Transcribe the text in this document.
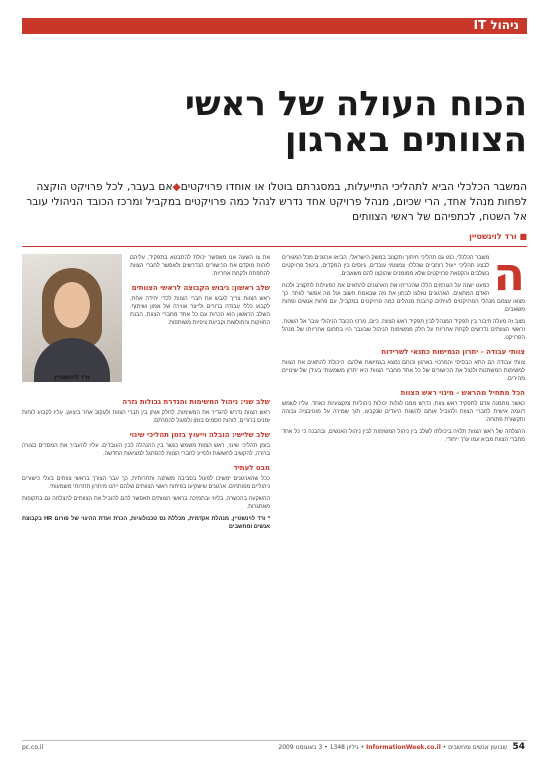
ניהול IT
הכוח העולה של ראשי
הצוותים בארגון

המשבר הכלכלי הביא לתהליכי התייעלות, במסגרתם בוטלו או אוחדו פרויקטים◆אם בעבר, לכל פרויקט הוקצה לפחות מנהל אחד, הרי שכיום, מנהל פרויקט אחד נדרש לנהל כמה פרויקטים במקביל ומרכז הכובד הניהולי עובר אל השטח, לכתפיהם של ראשי הצוותים

■ ורד לוינשטיין
ה

משבר הכלכלי, כמו גם תהליכי חיתוך ותקצוב במשק הישראלי, הביאו ארגונים מכל המגזרים לבצע תהליכי ייעול רוחביים שכללו: צמצומי עובדים, גיוסים בין המקדים, ביטול פרויקטים בשלבים והקפאת פרויקטים שלא ממומנים שהוקצו להם משאבים.

כמעט ישנה על הגורמים הללו שהכריחו את הארגונים להתאים את הפעילות לתקציב ולכוח האדם המתאים. הארגונים נאלצו לבחון את מה שבאמת חשוב ועל מה אפשר לוותר. כך מצאו עצמם מנהלי הפרויקטים לעיתים קרובות מנהלים כמה פרויקטים במקביל, עם פחות אנשים ופחות משאבים.

מצב זה מעלה חיבור בין תפקיד המנהל לבין תפקיד ראש הצוות. כיום, מרכז הכובד הניהולי עובר אל השטח, וראשי הצוותים נדרשים לקחת אחריות על חלק ממשימות הניהול שבעבר היו בתחום אחריותו של מנהל הפרויקט.

צוותי עבודה - יתרון הגמישות כתנאי לשרידות

צוותי עבודה הם התא הבסיסי והמרכזי בארגון וכוחם נמצא בגמישות שלהם. היכולת להתאים את הצוות למשימות המשתנות ולנצל את הכישורים של כל אחד מחברי הצוות היא יתרון משמעותי בעידן של שינויים מהירים.

הכל מתחיל מהראש - מינוי ראש הצוות

כאשר מתמנה אדם לתפקיד ראש צוות, נדרש ממנו לגלות יכולות ניהוליות ומקצועיות כאחד. עליו לשמש דוגמה אישית לחברי הצוות ולהוביל אותם להשגת היעדים שנקבעו, תוך שמירה על מוטיבציה גבוהה ותקשורת פתוחה.

ההצלחה של ראש הצוות תלויה ביכולתו לשלב בין ניהול המשימות לבין ניהול האנשים, ובהבנה כי כל אחד מחברי הצוות מביא עמו ערך ייחודי.

את צו השעה אנו מאפשר יכולת להתבטא בתפקיד, עליהם לזהות מוקדם את הכישורים הנדרשים ולאפשר לחברי הצוות להתפתח ולקחת אחריות.

שלב ראשון: גיבוש הקבוצה לראשי הצוותים

ראש הצוות צריך לגבש את חברי הצוות לכדי יחידה אחת, לקבוע כללי עבודה ברורים ולייצר אווירה של אמון ושיתוף. השלב הראשון הוא הכרות עם כל אחד מחברי הצוות, הבנת החוזקות והחולשות וקביעת ציפיות משותפות.

ורד לוינשטיין
שלב שני: ניהול המשימות והגדרת גבולות גזרה

ראש הצוות נדרש להגדיר את המשימות, לחלק אותן בין חברי הצוות ולעקוב אחר ביצוען. עליו לקבוע לוחות זמנים ברורים, לזהות חסמים בזמן ולפעול להסרתם.

שלב שלישי: הובלה וייעוץ בזמן תהליכי שינוי

בזמן תהליכי שינוי, ראש הצוות משמש כגשר בין ההנהלה לבין העובדים. עליו להעביר את המסרים בצורה ברורה, להקשיב לחששות ולסייע לחברי הצוות להסתגל למציאות החדשה.

מבט לעתיד

ככל שהארגונים ימשיכו לפעול בסביבה משתנה ותחרותית, כך יגבר הצורך בראשי צוותים בעלי כישורים ניהוליים מפותחים. ארגונים שישקיעו בפיתוח ראשי הצוותים שלהם ייהנו מיתרון תחרותי משמעותי.

ההשקעה בהכשרה, בליווי ובתמיכה בראשי הצוותים תאפשר להם להוביל את הצוותים להצלחה גם בתקופות מאתגרות.

* ורד לוינשטיין, מנהלת אקדמית, מכללת נס טכנולוגיות, הכרת ועדת ההיגוי של פורום HR בקבוצת אנשים ומחשבים

54
שבועון אנשים ומחשבים • InformationWeek.co.il • גיליון 1348 • 3 באוגוסט 2009
pc.co.il
